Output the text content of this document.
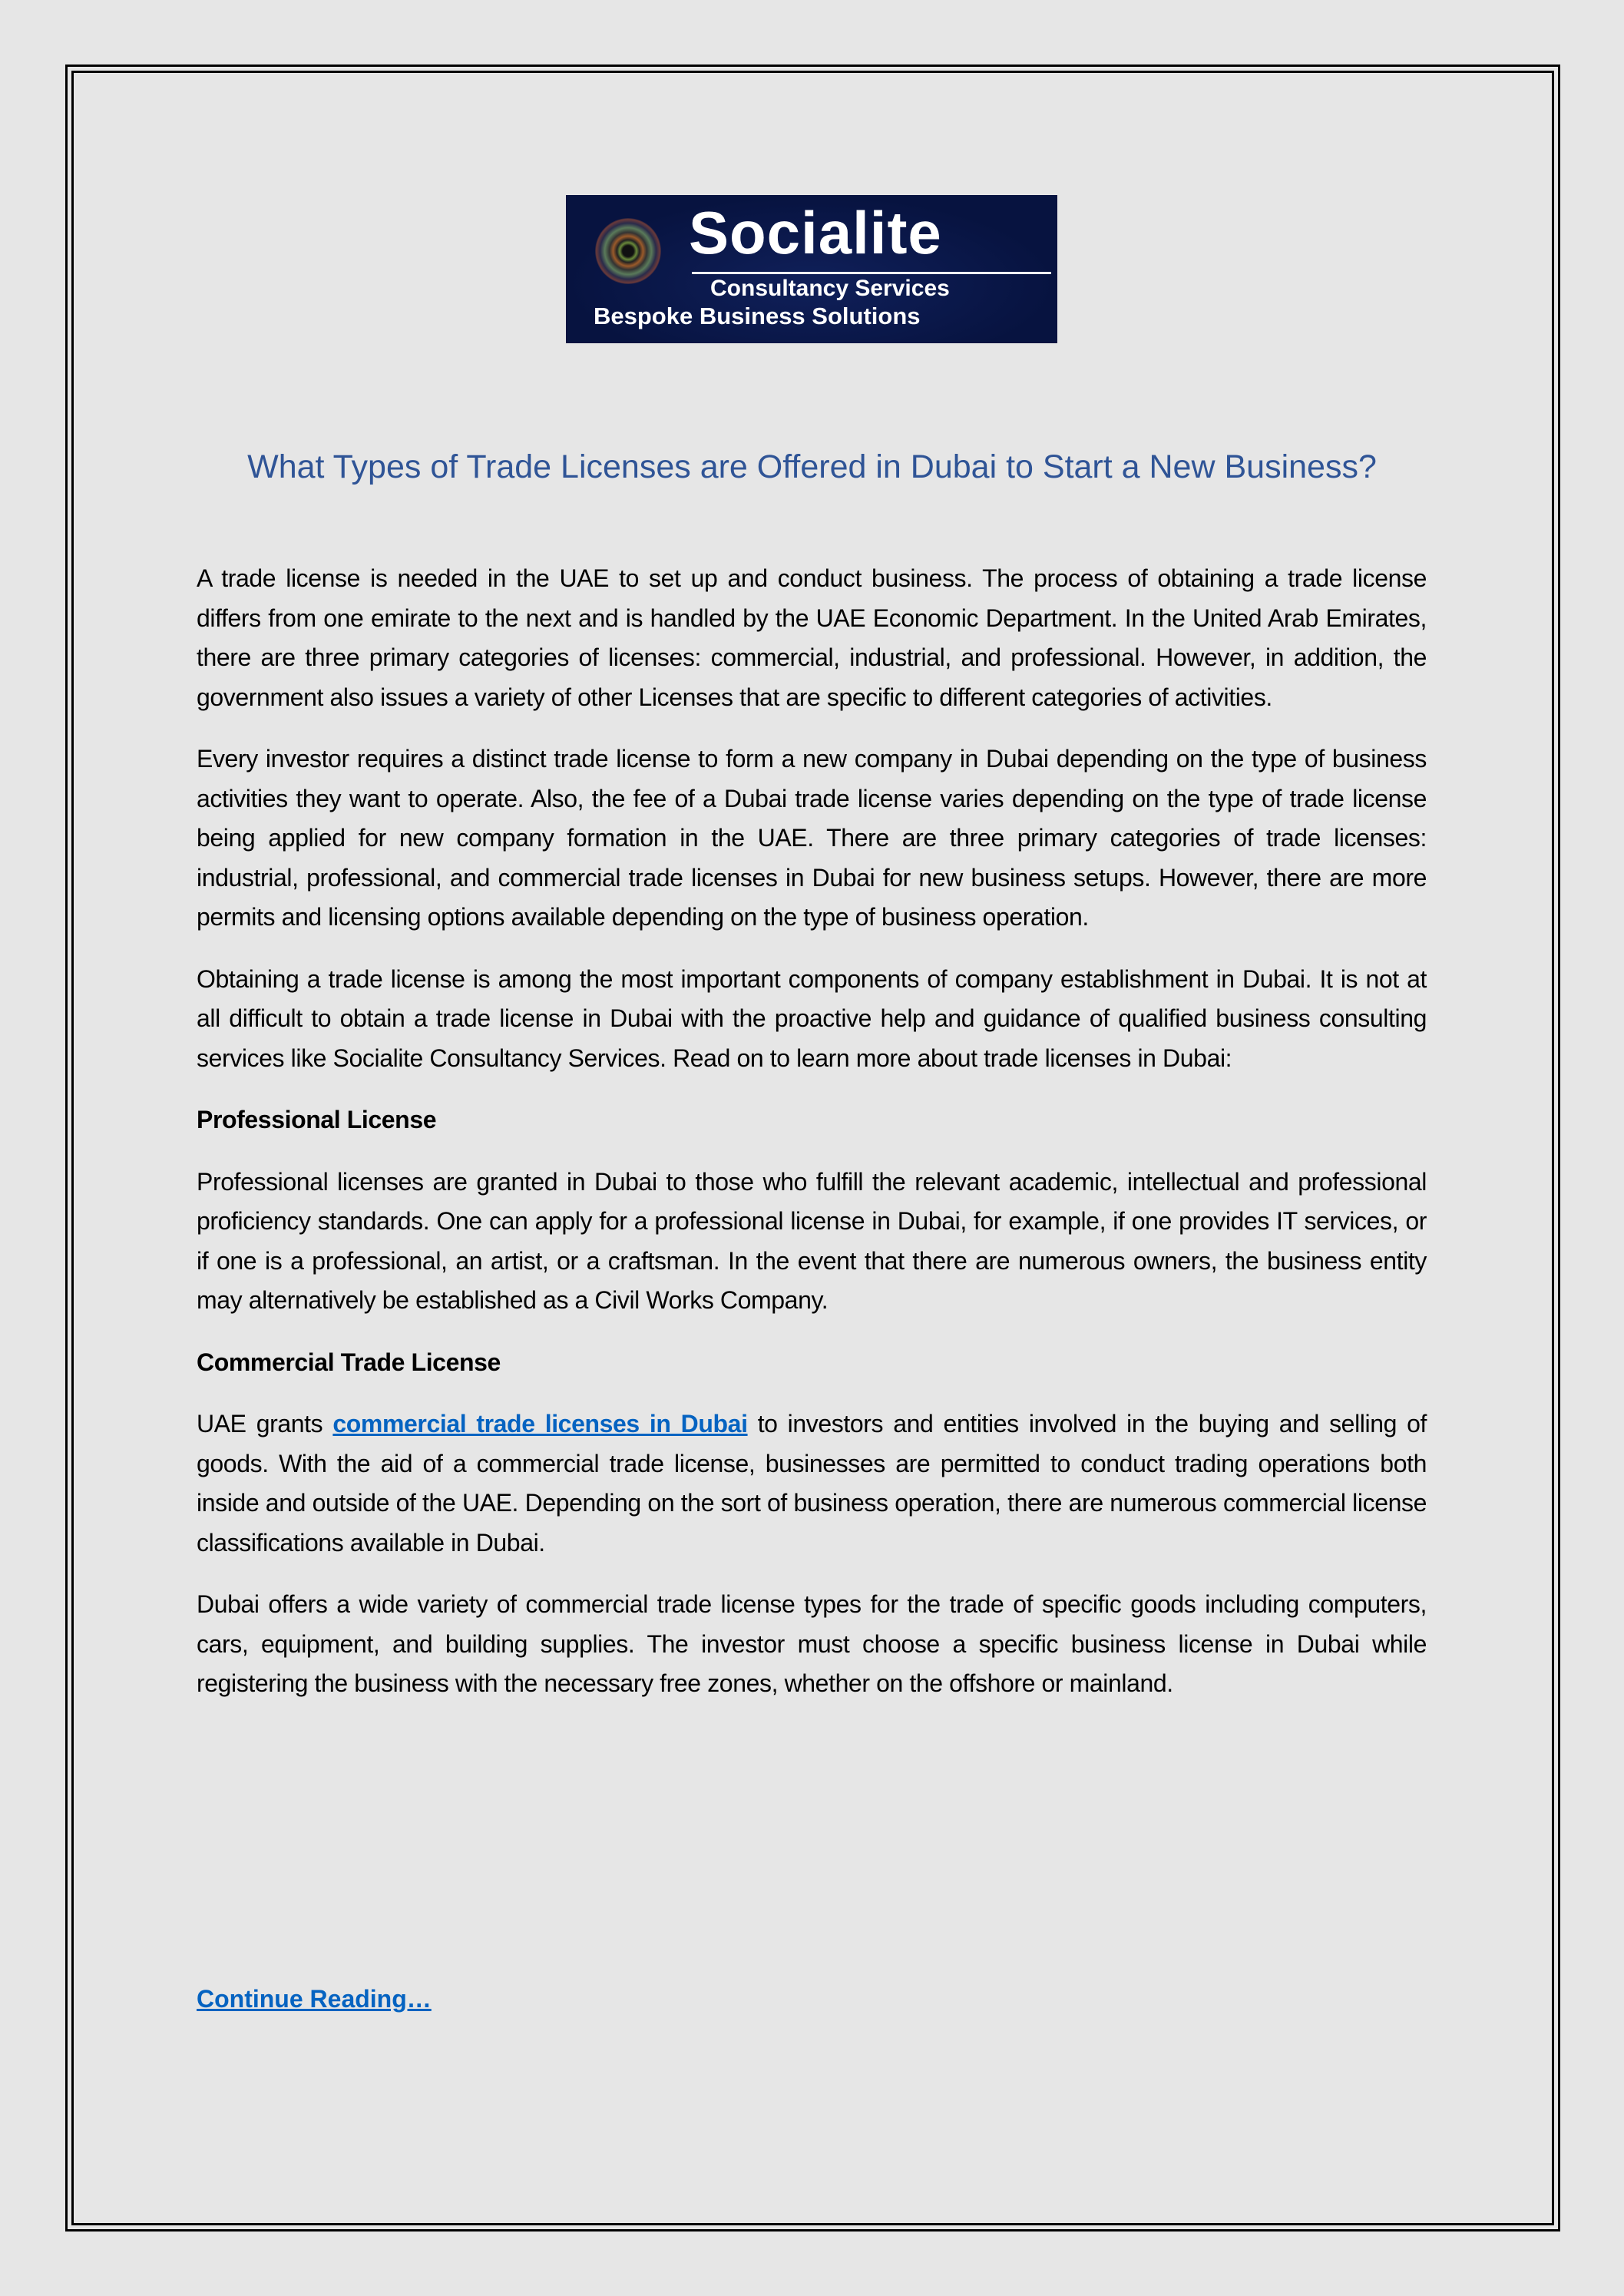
Socialite
Consultancy Services
Bespoke Business Solutions
What Types of Trade Licenses are Offered in Dubai to Start a New Business?

A trade license is needed in the UAE to set up and conduct business. The process of obtaining a trade license differs from one emirate to the next and is handled by the UAE Economic Department. In the United Arab Emirates, there are three primary categories of licenses: commercial, industrial, and professional. However, in addition, the government also issues a variety of other Licenses that are specific to different categories of activities.

Every investor requires a distinct trade license to form a new company in Dubai depending on the type of business activities they want to operate. Also, the fee of a Dubai trade license varies depending on the type of trade license being applied for new company formation in the UAE. There are three primary categories of trade licenses: industrial, professional, and commercial trade licenses in Dubai for new business setups. However, there are more permits and licensing options available depending on the type of business operation.

Obtaining a trade license is among the most important components of company establishment in Dubai. It is not at all difficult to obtain a trade license in Dubai with the proactive help and guidance of qualified business consulting services like Socialite Consultancy Services. Read on to learn more about trade licenses in Dubai:

Professional License

Professional licenses are granted in Dubai to those who fulfill the relevant academic, intellectual and professional proficiency standards. One can apply for a professional license in Dubai, for example, if one provides IT services, or if one is a professional, an artist, or a craftsman. In the event that there are numerous owners, the business entity may alternatively be established as a Civil Works Company.

Commercial Trade License

UAE grants commercial trade licenses in Dubai to investors and entities involved in the buying and selling of goods. With the aid of a commercial trade license, businesses are permitted to conduct trading operations both inside and outside of the UAE. Depending on the sort of business operation, there are numerous commercial license classifications available in Dubai.

Dubai offers a wide variety of commercial trade license types for the trade of specific goods including computers, cars, equipment, and building supplies. The investor must choose a specific business license in Dubai while registering the business with the necessary free zones, whether on the offshore or mainland.

Continue Reading…
